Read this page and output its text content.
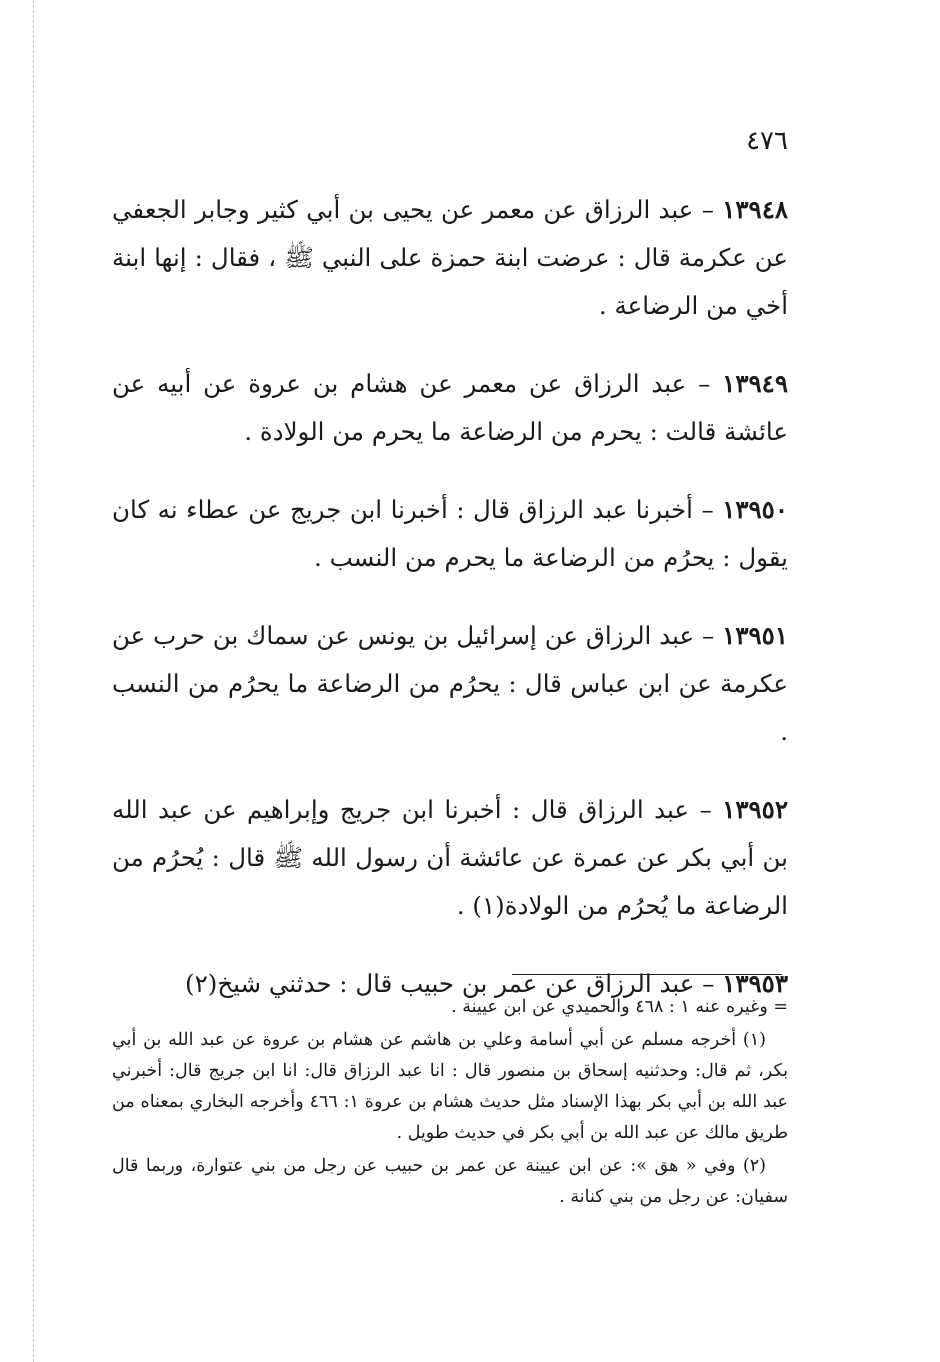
٤٧٦

١٣٩٤٨ – عبد الرزاق عن معمر عن يحيى بن أبي كثير وجابر الجعفي عن عكرمة قال : عرضت ابنة حمزة على النبي ﷺ ، فقال : إنها ابنة أخي من الرضاعة .

١٣٩٤٩ – عبد الرزاق عن معمر عن هشام بن عروة عن أبيه عن عائشة قالت : يحرم من الرضاعة ما يحرم من الولادة .

١٣٩٥٠ – أخبرنا عبد الرزاق قال : أخبرنا ابن جريج عن عطاء نه كان يقول : يحرُم من الرضاعة ما يحرم من النسب .

١٣٩٥١ – عبد الرزاق عن إسرائيل بن يونس عن سماك بن حرب عن عكرمة عن ابن عباس قال : يحرُم من الرضاعة ما يحرُم من النسب .

١٣٩٥٢ – عبد الرزاق قال : أخبرنا ابن جريج وإبراهيم عن عبد الله بن أبي بكر عن عمرة عن عائشة أن رسول الله ﷺ قال : يُحرُم من الرضاعة ما يُحرُم من الولادة(١) .

١٣٩٥٣ – عبد الرزاق عن عمر بن حبيب قال : حدثني شيخ(٢)

= وغيره عنه ١ : ٤٦٨ والحميدي عن ابن عيينة .

(١) أخرجه مسلم عن أبي أسامة وعلي بن هاشم عن هشام بن عروة عن عبد الله بن أبي بكر، ثم قال: وحدثنيه إسحاق بن منصور قال : انا عبد الرزاق قال: انا ابن جريج قال: أخبرني عبد الله بن أبي بكر بهذا الإسناد مثل حديث هشام بن عروة ١: ٤٦٦ وأخرجه البخاري بمعناه من طريق مالك عن عبد الله بن أبي بكر في حديث طويل .

(٢) وفي « هق »: عن ابن عيينة عن عمر بن حبيب عن رجل من بني عتوارة، وربما قال سفيان: عن رجل من بني كنانة .
